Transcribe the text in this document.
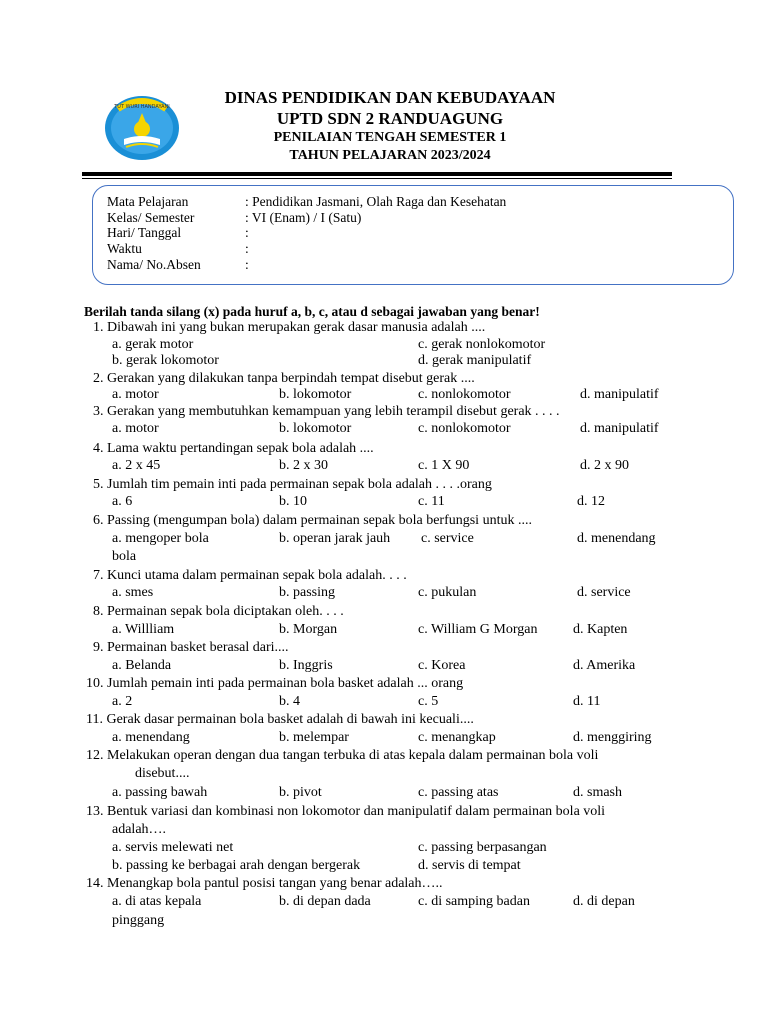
TUT WURI HANDAYANI	DINAS PENDIDIKAN DAN KEBUDAYAAN
UPTD SDN 2 RANDUAGUNG
PENILAIAN TENGAH SEMESTER 1
TAHUN PELAJARAN 2023/2024
Mata Pelajaran	: Pendidikan Jasmani, Olah Raga dan Kesehatan
Kelas/ Semester	: VI (Enam) / I (Satu)
Hari/ Tanggal	:
Waktu	:
Nama/ No.Absen	:
Berilah tanda silang (x) pada huruf a, b, c, atau d sebagai jawaban yang benar!
1. Dibawah ini yang bukan merupakan gerak dasar manusia adalah ....
a. gerak motor	c. gerak nonlokomotor
b. gerak lokomotor	d. gerak manipulatif
2. Gerakan yang dilakukan tanpa berpindah tempat disebut gerak ....
a. motor	b. lokomotor	c. nonlokomotor	d. manipulatif
3. Gerakan yang membutuhkan kemampuan yang lebih terampil disebut gerak . . . .
a. motor	b. lokomotor	c. nonlokomotor	d. manipulatif
4. Lama waktu pertandingan sepak bola adalah ....
a. 2 x 45	b. 2 x 30	c. 1 X 90	d. 2 x 90
5. Jumlah tim pemain inti pada permainan sepak bola adalah . . . .orang
a. 6	b. 10	c. 11	d. 12
6. Passing (mengumpan bola) dalam permainan sepak bola berfungsi untuk ....
a. mengoper bola	b. operan jarak jauh c. service	d. menendang
bola
7. Kunci utama dalam permainan sepak bola adalah. . . .
a. smes	b. passing	c. pukulan	d. service
8. Permainan sepak bola diciptakan oleh. . . .
a. Willliam	b. Morgan	c. William G Morgan	d. Kapten
9. Permainan basket berasal dari....
a. Belanda	b. Inggris	c. Korea	d. Amerika
10. Jumlah pemain inti pada permainan bola basket adalah ... orang
a. 2	b. 4	c. 5	d. 11
11. Gerak dasar permainan bola basket adalah di bawah ini kecuali....
a. menendang	b. melempar	c. menangkap	d. menggiring
12. Melakukan operan dengan dua tangan terbuka di atas kepala dalam permainan bola voli
disebut....
a. passing bawah	b. pivot	c. passing atas	d. smash
13. Bentuk variasi dan kombinasi non lokomotor dan manipulatif dalam permainan bola voli
adalah….
a. servis melewati net	c. passing berpasangan
b. passing ke berbagai arah dengan bergerak	d. servis di tempat
14. Menangkap bola pantul posisi tangan yang benar adalah…..
a. di atas kepala	b. di depan dada	c. di samping badan	d. di depan
pinggang
